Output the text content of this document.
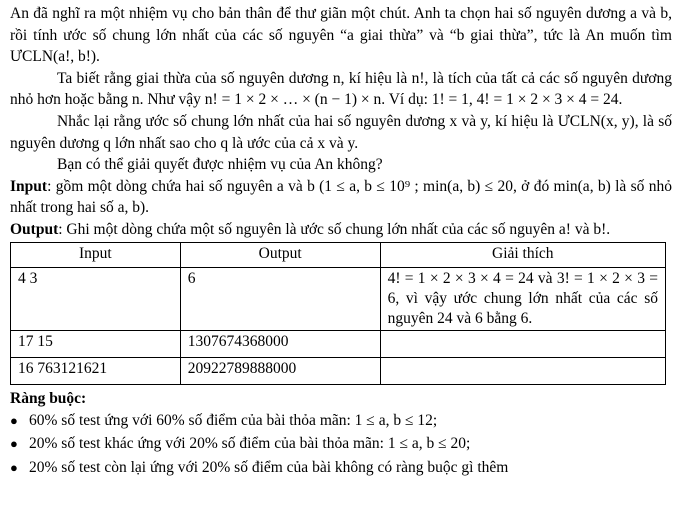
An đã nghĩ ra một nhiệm vụ cho bản thân để thư giãn một chút. Anh ta chọn hai số nguyên dương a và b, rồi tính ước số chung lớn nhất của các số nguyên “a giai thừa” và “b giai thừa”, tức là An muốn tìm ƯCLN(a!, b!).

Ta biết rằng giai thừa của số nguyên dương n, kí hiệu là n!, là tích của tất cả các số nguyên dương nhỏ hơn hoặc bằng n. Như vậy n! = 1 × 2 × … × (n − 1) × n. Ví dụ: 1! = 1, 4! = 1 × 2 × 3 × 4 = 24.

Nhắc lại rằng ước số chung lớn nhất của hai số nguyên dương x và y, kí hiệu là ƯCLN(x, y), là số nguyên dương q lớn nhất sao cho q là ước của cả x và y.

Bạn có thể giải quyết được nhiệm vụ của An không?

Input: gồm một dòng chứa hai số nguyên a và b (1 ≤ a, b ≤ 10⁹ ; min(a, b) ≤ 20, ở đó min(a, b) là số nhỏ nhất trong hai số a, b).

Output: Ghi một dòng chứa một số nguyên là ước số chung lớn nhất của các số nguyên a! và b!.

Input	Output	Giải thích
4 3	6	4! = 1 × 2 × 3 × 4 = 24 và 3! = 1 × 2 × 3 = 6, vì vậy ước chung lớn nhất của các số nguyên 24 và 6 bằng 6.
17 15	1307674368000	
16 763121621	20922789888000	
Ràng buộc:
● 60% số test ứng với 60% số điểm của bài thỏa mãn: 1 ≤ a, b ≤ 12;
● 20% số test khác ứng với 20% số điểm của bài thỏa mãn: 1 ≤ a, b ≤ 20;
● 20% số test còn lại ứng với 20% số điểm của bài không có ràng buộc gì thêm
